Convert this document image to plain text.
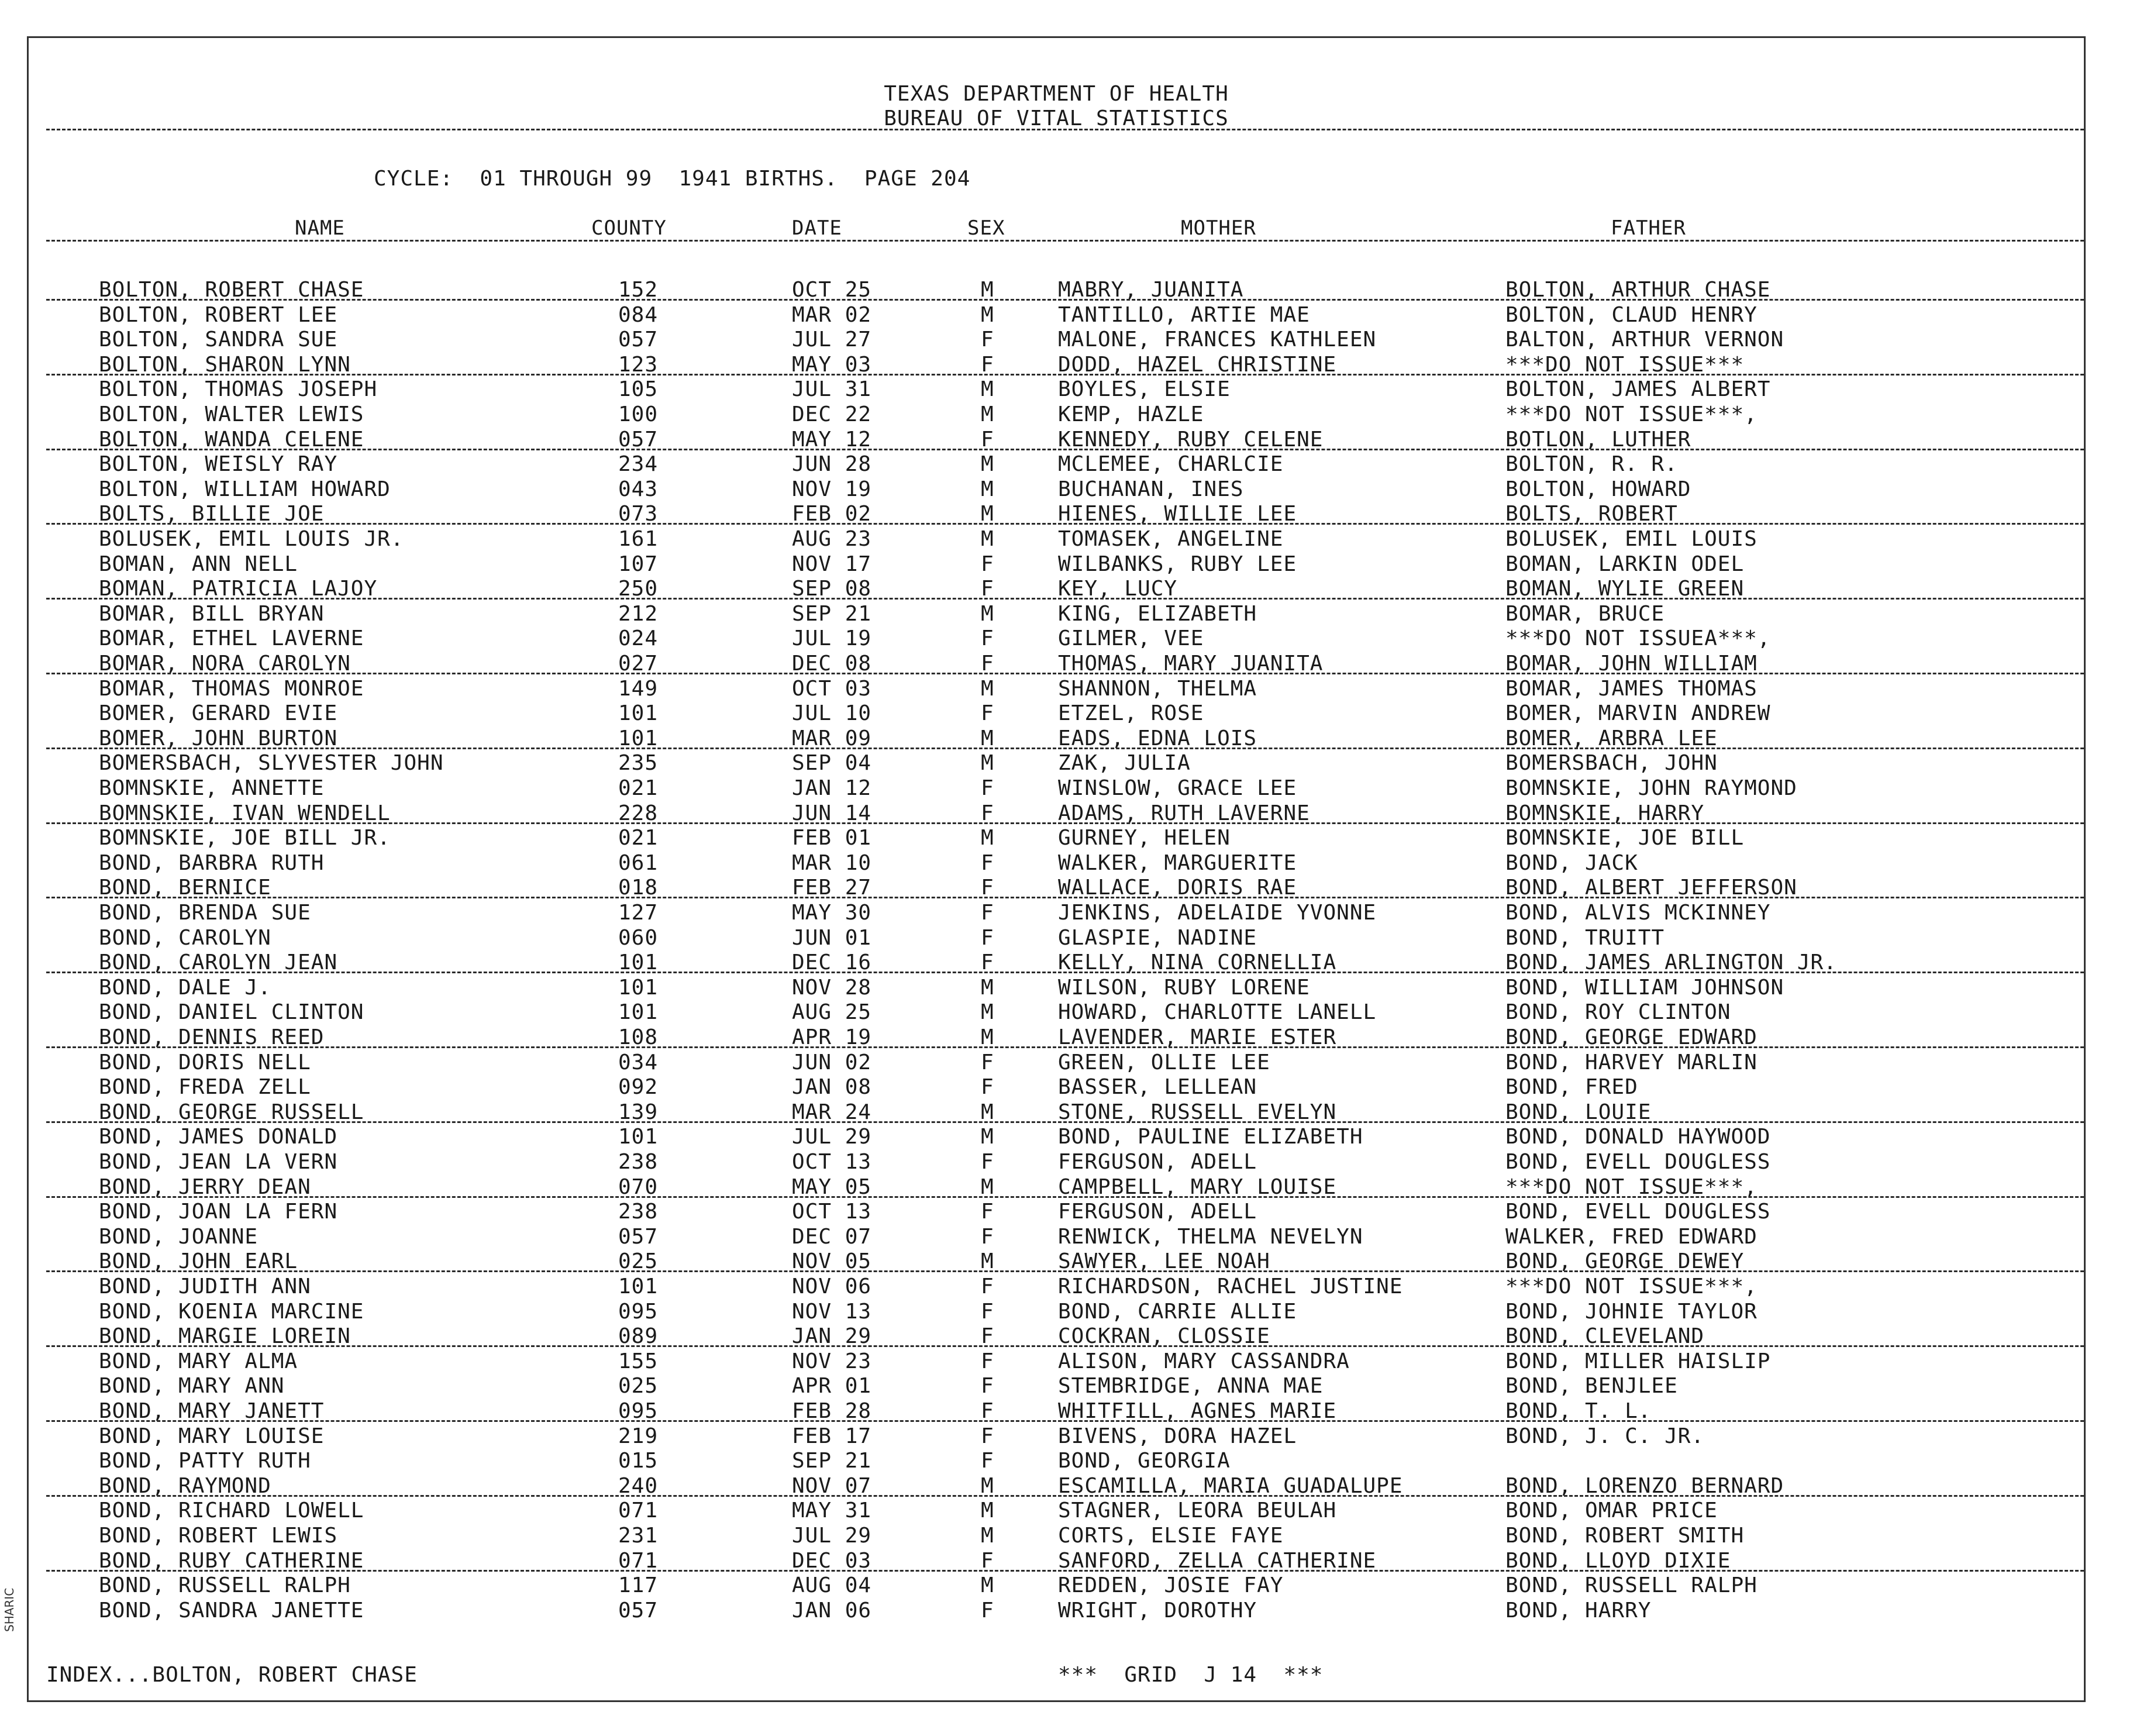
TEXAS DEPARTMENT OF HEALTH
BUREAU OF VITAL STATISTICS
CYCLE:  01 THROUGH 99  1941 BIRTHS.  PAGE 204
NAME	COUNTY	DATE	SEX	MOTHER	FATHER
BOLTON, ROBERT CHASE	152	OCT 25	M	MABRY, JUANITA	BOLTON, ARTHUR CHASE
BOLTON, ROBERT LEE	084	MAR 02	M	TANTILLO, ARTIE MAE	BOLTON, CLAUD HENRY
BOLTON, SANDRA SUE	057	JUL 27	F	MALONE, FRANCES KATHLEEN	BALTON, ARTHUR VERNON
BOLTON, SHARON LYNN	123	MAY 03	F	DODD, HAZEL CHRISTINE	***DO NOT ISSUE***
BOLTON, THOMAS JOSEPH	105	JUL 31	M	BOYLES, ELSIE	BOLTON, JAMES ALBERT
BOLTON, WALTER LEWIS	100	DEC 22	M	KEMP, HAZLE	***DO NOT ISSUE***,
BOLTON, WANDA CELENE	057	MAY 12	F	KENNEDY, RUBY CELENE	BOTLON, LUTHER
BOLTON, WEISLY RAY	234	JUN 28	M	MCLEMEE, CHARLCIE	BOLTON, R. R.
BOLTON, WILLIAM HOWARD	043	NOV 19	M	BUCHANAN, INES	BOLTON, HOWARD
BOLTS, BILLIE JOE	073	FEB 02	M	HIENES, WILLIE LEE	BOLTS, ROBERT
BOLUSEK, EMIL LOUIS JR.	161	AUG 23	M	TOMASEK, ANGELINE	BOLUSEK, EMIL LOUIS
BOMAN, ANN NELL	107	NOV 17	F	WILBANKS, RUBY LEE	BOMAN, LARKIN ODEL
BOMAN, PATRICIA LAJOY	250	SEP 08	F	KEY, LUCY	BOMAN, WYLIE GREEN
BOMAR, BILL BRYAN	212	SEP 21	M	KING, ELIZABETH	BOMAR, BRUCE
BOMAR, ETHEL LAVERNE	024	JUL 19	F	GILMER, VEE	***DO NOT ISSUEA***,
BOMAR, NORA CAROLYN	027	DEC 08	F	THOMAS, MARY JUANITA	BOMAR, JOHN WILLIAM
BOMAR, THOMAS MONROE	149	OCT 03	M	SHANNON, THELMA	BOMAR, JAMES THOMAS
BOMER, GERARD EVIE	101	JUL 10	F	ETZEL, ROSE	BOMER, MARVIN ANDREW
BOMER, JOHN BURTON	101	MAR 09	M	EADS, EDNA LOIS	BOMER, ARBRA LEE
BOMERSBACH, SLYVESTER JOHN	235	SEP 04	M	ZAK, JULIA	BOMERSBACH, JOHN
BOMNSKIE, ANNETTE	021	JAN 12	F	WINSLOW, GRACE LEE	BOMNSKIE, JOHN RAYMOND
BOMNSKIE, IVAN WENDELL	228	JUN 14	F	ADAMS, RUTH LAVERNE	BOMNSKIE, HARRY
BOMNSKIE, JOE BILL JR.	021	FEB 01	M	GURNEY, HELEN	BOMNSKIE, JOE BILL
BOND, BARBRA RUTH	061	MAR 10	F	WALKER, MARGUERITE	BOND, JACK
BOND, BERNICE	018	FEB 27	F	WALLACE, DORIS RAE	BOND, ALBERT JEFFERSON
BOND, BRENDA SUE	127	MAY 30	F	JENKINS, ADELAIDE YVONNE	BOND, ALVIS MCKINNEY
BOND, CAROLYN	060	JUN 01	F	GLASPIE, NADINE	BOND, TRUITT
BOND, CAROLYN JEAN	101	DEC 16	F	KELLY, NINA CORNELLIA	BOND, JAMES ARLINGTON JR.
BOND, DALE J.	101	NOV 28	M	WILSON, RUBY LORENE	BOND, WILLIAM JOHNSON
BOND, DANIEL CLINTON	101	AUG 25	M	HOWARD, CHARLOTTE LANELL	BOND, ROY CLINTON
BOND, DENNIS REED	108	APR 19	M	LAVENDER, MARIE ESTER	BOND, GEORGE EDWARD
BOND, DORIS NELL	034	JUN 02	F	GREEN, OLLIE LEE	BOND, HARVEY MARLIN
BOND, FREDA ZELL	092	JAN 08	F	BASSER, LELLEAN	BOND, FRED
BOND, GEORGE RUSSELL	139	MAR 24	M	STONE, RUSSELL EVELYN	BOND, LOUIE
BOND, JAMES DONALD	101	JUL 29	M	BOND, PAULINE ELIZABETH	BOND, DONALD HAYWOOD
BOND, JEAN LA VERN	238	OCT 13	F	FERGUSON, ADELL	BOND, EVELL DOUGLESS
BOND, JERRY DEAN	070	MAY 05	M	CAMPBELL, MARY LOUISE	***DO NOT ISSUE***,
BOND, JOAN LA FERN	238	OCT 13	F	FERGUSON, ADELL	BOND, EVELL DOUGLESS
BOND, JOANNE	057	DEC 07	F	RENWICK, THELMA NEVELYN	WALKER, FRED EDWARD
BOND, JOHN EARL	025	NOV 05	M	SAWYER, LEE NOAH	BOND, GEORGE DEWEY
BOND, JUDITH ANN	101	NOV 06	F	RICHARDSON, RACHEL JUSTINE	***DO NOT ISSUE***,
BOND, KOENIA MARCINE	095	NOV 13	F	BOND, CARRIE ALLIE	BOND, JOHNIE TAYLOR
BOND, MARGIE LOREIN	089	JAN 29	F	COCKRAN, CLOSSIE	BOND, CLEVELAND
BOND, MARY ALMA	155	NOV 23	F	ALISON, MARY CASSANDRA	BOND, MILLER HAISLIP
BOND, MARY ANN	025	APR 01	F	STEMBRIDGE, ANNA MAE	BOND, BENJLEE
BOND, MARY JANETT	095	FEB 28	F	WHITFILL, AGNES MARIE	BOND, T. L.
BOND, MARY LOUISE	219	FEB 17	F	BIVENS, DORA HAZEL	BOND, J. C. JR.
BOND, PATTY RUTH	015	SEP 21	F	BOND, GEORGIA
BOND, RAYMOND	240	NOV 07	M	ESCAMILLA, MARIA GUADALUPE	BOND, LORENZO BERNARD
BOND, RICHARD LOWELL	071	MAY 31	M	STAGNER, LEORA BEULAH	BOND, OMAR PRICE
BOND, ROBERT LEWIS	231	JUL 29	M	CORTS, ELSIE FAYE	BOND, ROBERT SMITH
BOND, RUBY CATHERINE	071	DEC 03	F	SANFORD, ZELLA CATHERINE	BOND, LLOYD DIXIE
BOND, RUSSELL RALPH	117	AUG 04	M	REDDEN, JOSIE FAY	BOND, RUSSELL RALPH
BOND, SANDRA JANETTE	057	JAN 06	F	WRIGHT, DOROTHY	BOND, HARRY
INDEX...BOLTON, ROBERT CHASE	***  GRID  J 14  ***
SHARIC
